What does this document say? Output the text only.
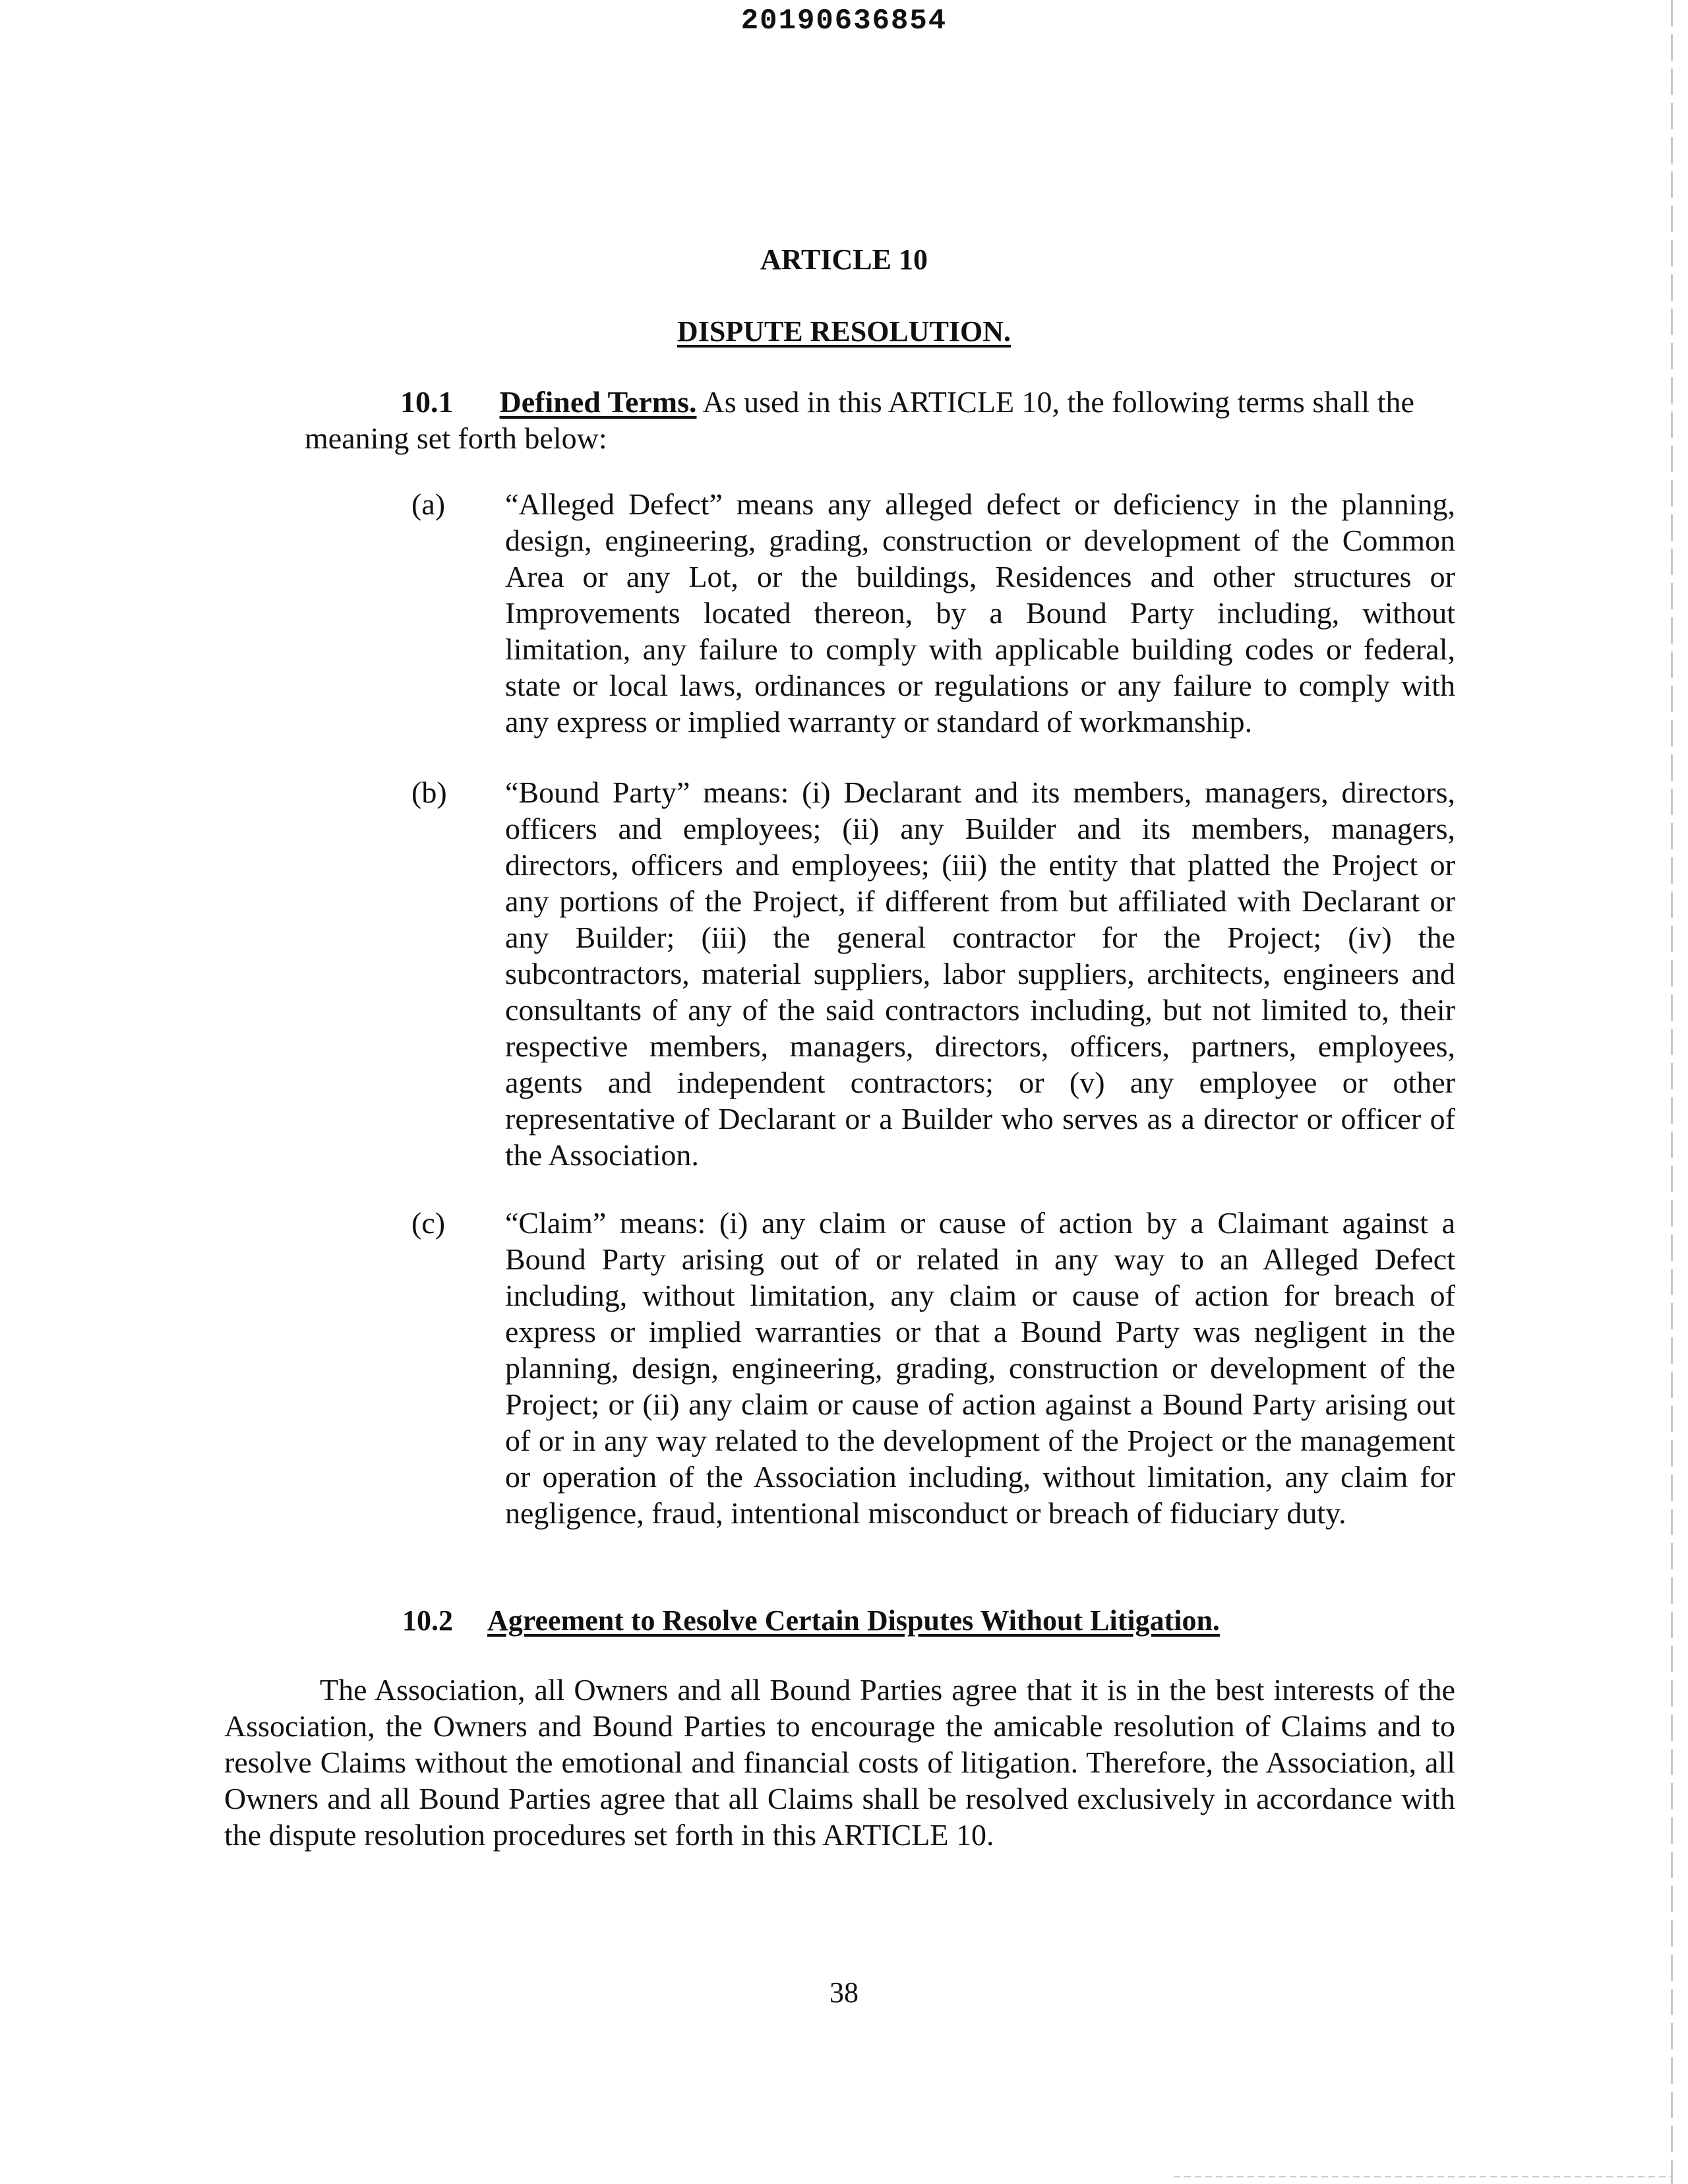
20190636854
ARTICLE 10
DISPUTE RESOLUTION.
10.1 Defined Terms. As used in this ARTICLE 10, the following terms shall the meaning set forth below:
(a) “Alleged Defect” means any alleged defect or deficiency in the planning, design, engineering, grading, construction or development of the Common Area or any Lot, or the buildings, Residences and other structures or Improvements located thereon, by a Bound Party including, without limitation, any failure to comply with applicable building codes or federal, state or local laws, ordinances or regulations or any failure to comply with any express or implied warranty or standard of workmanship.
(b) “Bound Party” means: (i) Declarant and its members, managers, directors, officers and employees; (ii) any Builder and its members, managers, directors, officers and employees; (iii) the entity that platted the Project or any portions of the Project, if different from but affiliated with Declarant or any Builder; (iii) the general contractor for the Project; (iv) the subcontractors, material suppliers, labor suppliers, architects, engineers and consultants of any of the said contractors including, but not limited to, their respective members, managers, directors, officers, partners, employees, agents and independent contractors; or (v) any employee or other representative of Declarant or a Builder who serves as a director or officer of the Association.
(c) “Claim” means: (i) any claim or cause of action by a Claimant against a Bound Party arising out of or related in any way to an Alleged Defect including, without limitation, any claim or cause of action for breach of express or implied warranties or that a Bound Party was negligent in the planning, design, engineering, grading, construction or development of the Project; or (ii) any claim or cause of action against a Bound Party arising out of or in any way related to the development of the Project or the management or operation of the Association including, without limitation, any claim for negligence, fraud, intentional misconduct or breach of fiduciary duty.
10.2 Agreement to Resolve Certain Disputes Without Litigation.
The Association, all Owners and all Bound Parties agree that it is in the best interests of the Association, the Owners and Bound Parties to encourage the amicable resolution of Claims and to resolve Claims without the emotional and financial costs of litigation. Therefore, the Association, all Owners and all Bound Parties agree that all Claims shall be resolved exclusively in accordance with the dispute resolution procedures set forth in this ARTICLE 10.
38
